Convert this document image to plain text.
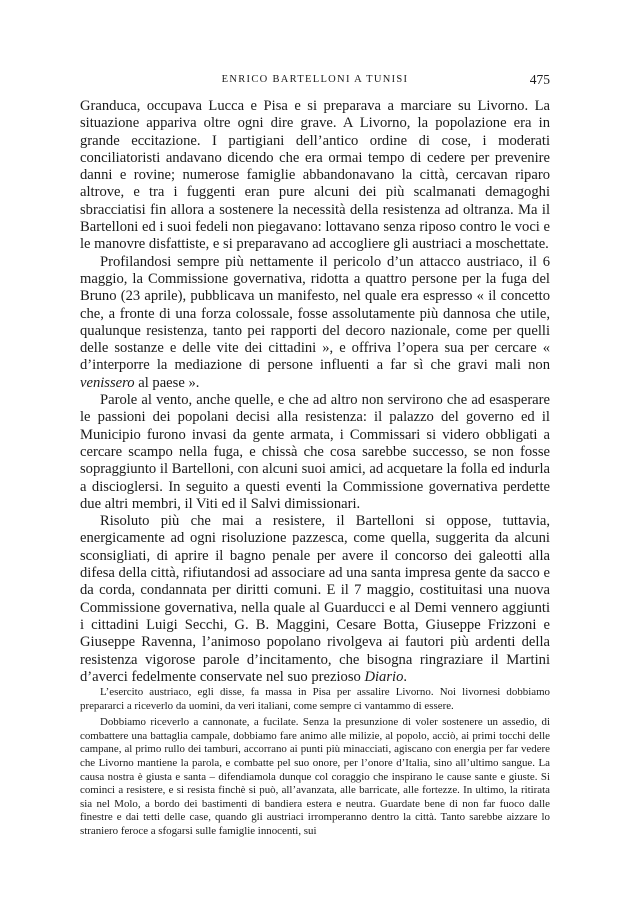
ENRICO BARTELLONI A TUNISI	475

Granduca, occupava Lucca e Pisa e si preparava a marciare su Livorno. La situazione appariva oltre ogni dire grave. A Livorno, la popolazione era in grande eccitazione. I partigiani dell’antico ordine di cose, i moderati conciliatoristi andavano dicendo che era ormai tempo di cedere per prevenire danni e rovine; numerose famiglie abbandonavano la città, cercavan riparo altrove, e tra i fuggenti eran pure alcuni dei più scalmanati demagoghi sbracciatisi fin allora a sostenere la necessità della resistenza ad oltranza. Ma il Bartelloni ed i suoi fedeli non piegavano: lottavano senza riposo contro le voci e le manovre disfattiste, e si preparavano ad accogliere gli austriaci a moschettate.

Profilandosi sempre più nettamente il pericolo d’un attacco austriaco, il 6 maggio, la Commissione governativa, ridotta a quattro persone per la fuga del Bruno (23 aprile), pubblicava un manifesto, nel quale era espresso « il concetto che, a fronte di una forza colossale, fosse assolutamente più dannosa che utile, qualunque resistenza, tanto pei rapporti del decoro nazionale, come per quelli delle sostanze e delle vite dei cittadini », e offriva l’opera sua per cercare « d’interporre la mediazione di persone influenti a far sì che gravi mali non venissero al paese ».

Parole al vento, anche quelle, e che ad altro non servirono che ad esasperare le passioni dei popolani decisi alla resistenza: il palazzo del governo ed il Municipio furono invasi da gente armata, i Commissari si videro obbligati a cercare scampo nella fuga, e chissà che cosa sarebbe successo, se non fosse sopraggiunto il Bartelloni, con alcuni suoi amici, ad acquetare la folla ed indurla a discioglersi. In seguito a questi eventi la Commissione governativa perdette due altri membri, il Viti ed il Salvi dimissionari.

Risoluto più che mai a resistere, il Bartelloni si oppose, tuttavia, energicamente ad ogni risoluzione pazzesca, come quella, suggerita da alcuni sconsigliati, di aprire il bagno penale per avere il concorso dei galeotti alla difesa della città, rifiutandosi ad associare ad una santa impresa gente da sacco e da corda, condannata per diritti comuni. E il 7 maggio, costituitasi una nuova Commissione governativa, nella quale al Guarducci e al Demi vennero aggiunti i cittadini Luigi Secchi, G. B. Maggini, Cesare Botta, Giuseppe Frizzoni e Giuseppe Ravenna, l’animoso popolano rivolgeva ai fautori più ardenti della resistenza vigorose parole d’incitamento, che bisogna ringraziare il Martini d’averci fedelmente conservate nel suo prezioso Diario.

L’esercito austriaco, egli disse, fa massa in Pisa per assalire Livorno. Noi livornesi dobbiamo prepararci a riceverlo da uomini, da veri italiani, come sempre ci vantammo di essere.

Dobbiamo riceverlo a cannonate, a fucilate. Senza la presunzione di voler sostenere un assedio, di combattere una battaglia campale, dobbiamo fare animo alle milizie, al popolo, acciò, ai primi tocchi delle campane, al primo rullo dei tamburi, accorrano ai punti più minacciati, agiscano con energia per far vedere che Livorno mantiene la parola, e combatte pel suo onore, per l’onore d’Italia, sino all’ultimo sangue. La causa nostra è giusta e santa – difendiamola dunque col coraggio che inspirano le cause sante e giuste. Si cominci a resistere, e si resista finchè si può, all’avanzata, alle barricate, alle fortezze. In ultimo, la ritirata sia nel Molo, a bordo dei bastimenti di bandiera estera e neutra. Guardate bene di non far fuoco dalle finestre e dai tetti delle case, quando gli austriaci irromperanno dentro la città. Tanto sarebbe aizzare lo straniero feroce a sfogarsi sulle famiglie innocenti, sui
